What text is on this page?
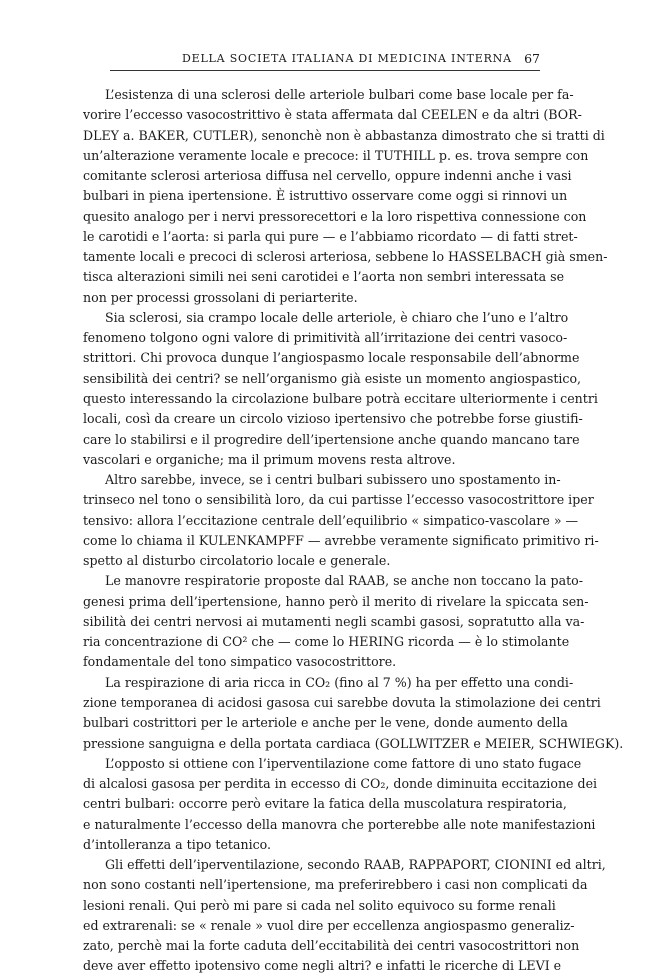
DELLA SOCIETA ITALIANA DI MEDICINA INTERNA 67
L’esistenza di una sclerosi delle arteriole bulbari come base locale per fa-
vorire l’eccesso vasocostrittivo è stata affermata dal CEELEN e da altri (BOR-
DLEY a. BAKER, CUTLER), senonchè non è abbastanza dimostrato che si tratti di
un’alterazione veramente locale e precoce: il TUTHILL p. es. trova sempre con
comitante sclerosi arteriosa diffusa nel cervello, oppure indenni anche i vasi
bulbari in piena ipertensione. È istruttivo osservare come oggi si rinnovi un
quesito analogo per i nervi pressorecettori e la loro rispettiva connessione con
le carotidi e l’aorta: si parla qui pure — e l’abbiamo ricordato — di fatti stret-
tamente locali e precoci di sclerosi arteriosa, sebbene lo HASSELBACH già smen-
tisca alterazioni simili nei seni carotidei e l’aorta non sembri interessata se
non per processi grossolani di periarterite.
Sia sclerosi, sia crampo locale delle arteriole, è chiaro che l’uno e l’altro
fenomeno tolgono ogni valore di primitività all’irritazione dei centri vasoco-
strittori. Chi provoca dunque l’angiospasmo locale responsabile dell’abnorme
sensibilità dei centri? se nell’organismo già esiste un momento angiospastico,
questo interessando la circolazione bulbare potrà eccitare ulteriormente i centri
locali, così da creare un circolo vizioso ipertensivo che potrebbe forse giustifi-
care lo stabilirsi e il progredire dell’ipertensione anche quando mancano tare
vascolari e organiche; ma il primum movens resta altrove.
Altro sarebbe, invece, se i centri bulbari subissero uno spostamento in-
trinseco nel tono o sensibilità loro, da cui partisse l’eccesso vasocostrittore iper
tensivo: allora l’eccitazione centrale dell’equilibrio « simpatico-vascolare » —
come lo chiama il KULENKAMPFF — avrebbe veramente significato primitivo ri-
spetto al disturbo circolatorio locale e generale.
Le manovre respiratorie proposte dal RAAB, se anche non toccano la pato-
genesi prima dell’ipertensione, hanno però il merito di rivelare la spiccata sen-
sibilità dei centri nervosi ai mutamenti negli scambi gasosi, sopratutto alla va-
ria concentrazione di CO² che — come lo HERING ricorda — è lo stimolante
fondamentale del tono simpatico vasocostrittore.
La respirazione di aria ricca in CO₂ (fino al 7 %) ha per effetto una condi-
zione temporanea di acidosi gasosa cui sarebbe dovuta la stimolazione dei centri
bulbari costrittori per le arteriole e anche per le vene, donde aumento della
pressione sanguigna e della portata cardiaca (GOLLWITZER e MEIER, SCHWIEGK).
L’opposto si ottiene con l’iperventilazione come fattore di uno stato fugace
di alcalosi gasosa per perdita in eccesso di CO₂, donde diminuita eccitazione dei
centri bulbari: occorre però evitare la fatica della muscolatura respiratoria,
e naturalmente l’eccesso della manovra che porterebbe alle note manifestazioni
d’intolleranza a tipo tetanico.
Gli effetti dell’iperventilazione, secondo RAAB, RAPPAPORT, CIONINI ed altri,
non sono costanti nell’ipertensione, ma preferirebbero i casi non complicati da
lesioni renali. Qui però mi pare si cada nel solito equivoco su forme renali
ed extrarenali: se « renale » vuol dire per eccellenza angiospasmo generaliz-
zato, perchè mai la forte caduta dell’eccitabilità dei centri vasocostrittori non
deve aver effetto ipotensivo come negli altri? e infatti le ricerche di LEVI e
